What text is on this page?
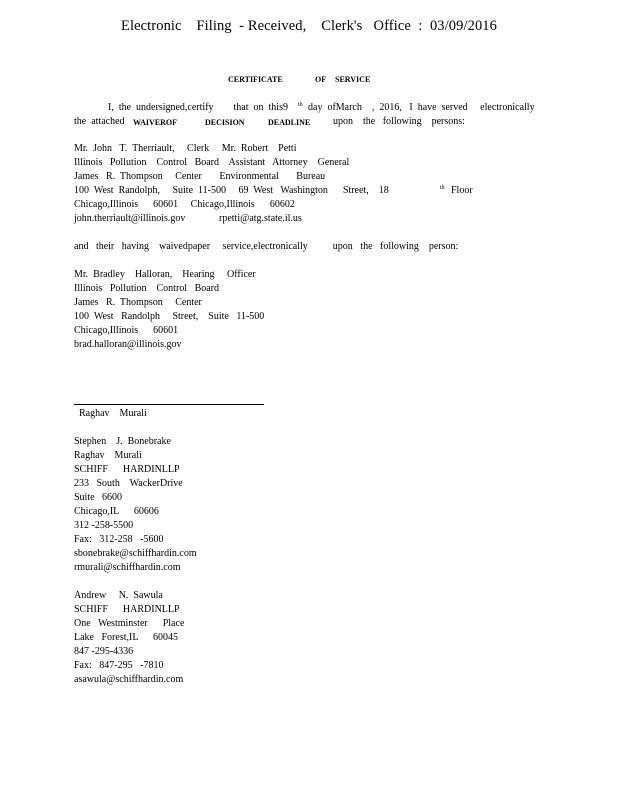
Electronic    Filing  - Received,    Clerk's   Office  :  03/09/2016
CERTIFICATE	OF SERVICE
I,  the  undersigned,certify        that  on  this9 th day  ofMarch    ,  2016,   I  have  served     electronically
the  attached WAIVEROF	DECISION	DEADLINE upon    the   following    persons:
Mr.  John   T.  Therriault,     Clerk     Mr.  Robert    Petti
Illinois   Pollution    Control   Board    Assistant   Attorney    General
James   R.  Thompson     Center       Environmental       Bureau
100  West  Randolph,     Suite  11-500     69  West   Washington      Street,    18	th Floor
Chicago,Illinois      60601     Chicago,Illinois      60602
john.therriault@illinois.gov	rpetti@atg.state.il.us
and   their   having    waivedpaper     service,electronically          upon   the   following    person:
Mr.  Bradley    Halloran,    Hearing     Officer
Illinois   Pollution    Control   Board
James   R.  Thompson     Center
100  West   Randolph     Street,    Suite   11-500
Chicago,Illinois      60601
brad.halloran@illinois.gov
Raghav    Murali
Stephen    J.  Bonebrake
Raghav    Murali
SCHIFF      HARDINLLP
233   South    WackerDrive
Suite   6600
Chicago,IL      60606
312 -258-5500
Fax:   312-258   -5600
sbonebrake@schiffhardin.com
rmurali@schiffhardin.com
Andrew     N.  Sawula
SCHIFF      HARDINLLP
One   Westminster      Place
Lake   Forest,IL      60045
847 -295-4336
Fax:   847-295   -7810
asawula@schiffhardin.com
